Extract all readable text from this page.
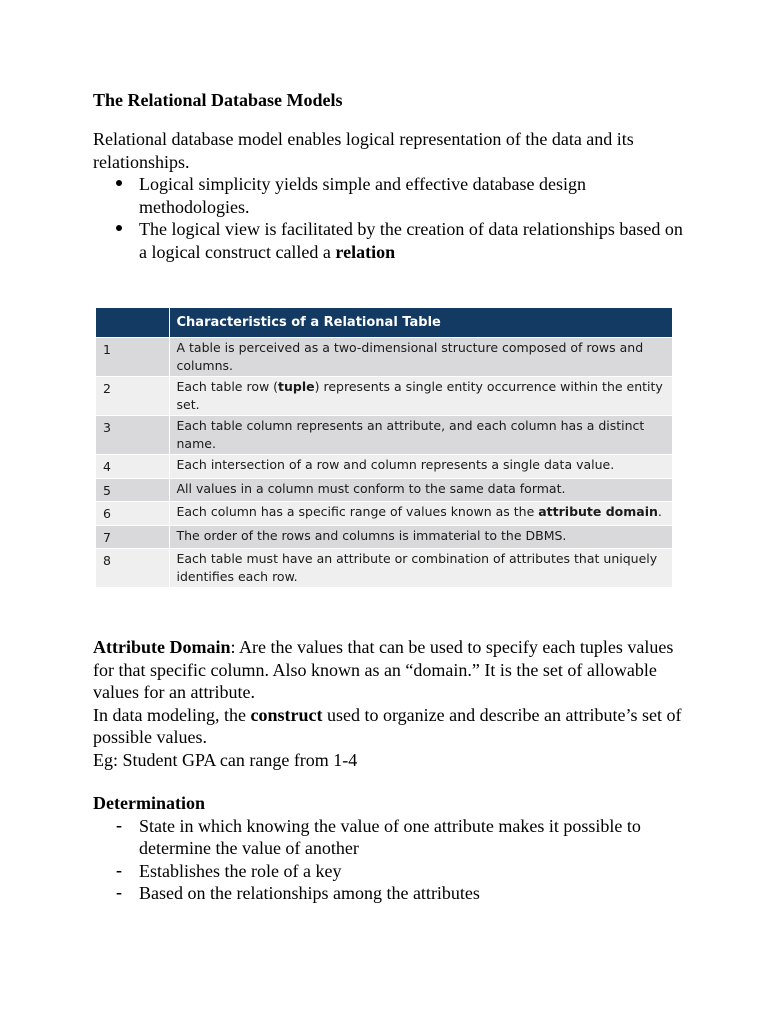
The Relational Database Models

Relational database model enables logical representation of the data and its relationships.

Logical simplicity yields simple and effective database design methodologies.
The logical view is facilitated by the creation of data relationships based on a logical construct called a relation
	Characteristics of a Relational Table
1	A table is perceived as a two-dimensional structure composed of rows and columns.
2	Each table row (tuple) represents a single entity occurrence within the entity set.
3	Each table column represents an attribute, and each column has a distinct name.
4	Each intersection of a row and column represents a single data value.
5	All values in a column must conform to the same data format.
6	Each column has a specific range of values known as the attribute domain.
7	The order of the rows and columns is immaterial to the DBMS.
8	Each table must have an attribute or combination of attributes that uniquely identifies each row.

Attribute Domain: Are the values that can be used to specify each tuples values for that specific column. Also known as an “domain.” It is the set of allowable values for an attribute.

In data modeling, the construct used to organize and describe an attribute’s set of possible values.

Eg: Student GPA can range from 1-4

Determination

- State in which knowing the value of one attribute makes it possible to determine the value of another
- Establishes the role of a key
- Based on the relationships among the attributes
